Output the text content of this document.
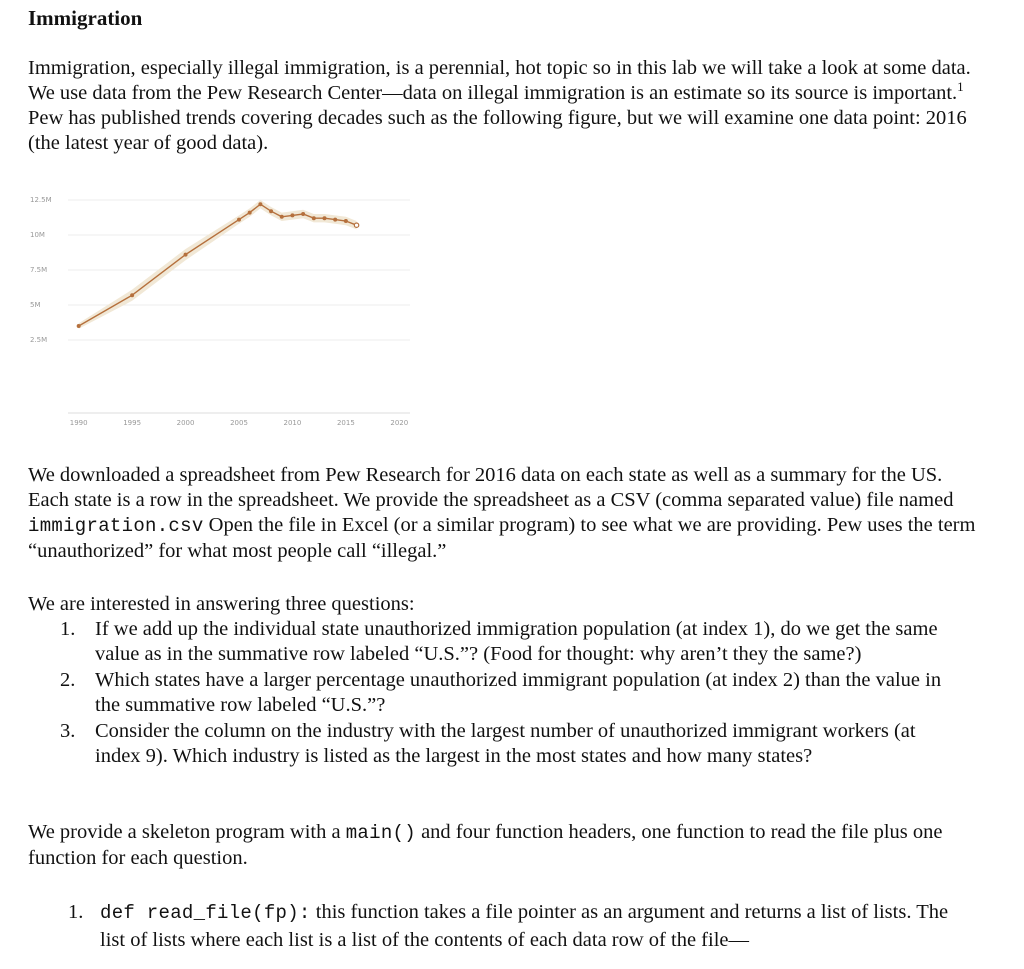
Immigration

Immigration, especially illegal immigration, is a perennial, hot topic so in this lab we will take a look at some data. We use data from the Pew Research Center—data on illegal immigration is an estimate so its source is important.$^1$ Pew has published trends covering decades such as the following figure, but we will examine one data point: 2016 (the latest year of good data).

12.5M
10M
7.5M
5M
2.5M
1990	1995	2000	2005	2010	2015	2020

We downloaded a spreadsheet from Pew Research for 2016 data on each state as well as a summary for the US. Each state is a row in the spreadsheet. We provide the spreadsheet as a CSV (comma separated value) file named immigration.csv Open the file in Excel (or a similar program) to see what we are providing. Pew uses the term “unauthorized” for what most people call “illegal.”

We are interested in answering three questions:

1. If we add up the individual state unauthorized immigration population (at index 1), do we get the same value as in the summative row labeled “U.S.”? (Food for thought: why aren’t they the same?)
2. Which states have a larger percentage unauthorized immigrant population (at index 2) than the value in the summative row labeled “U.S.”?
3. Consider the column on the industry with the largest number of unauthorized immigrant workers (at index 9). Which industry is listed as the largest in the most states and how many states?

We provide a skeleton program with a main() and four function headers, one function to read the file plus one function for each question.

1. def read_file(fp): this function takes a file pointer as an argument and returns a list of lists. The list of lists where each list is a list of the contents of each data row of the file—
